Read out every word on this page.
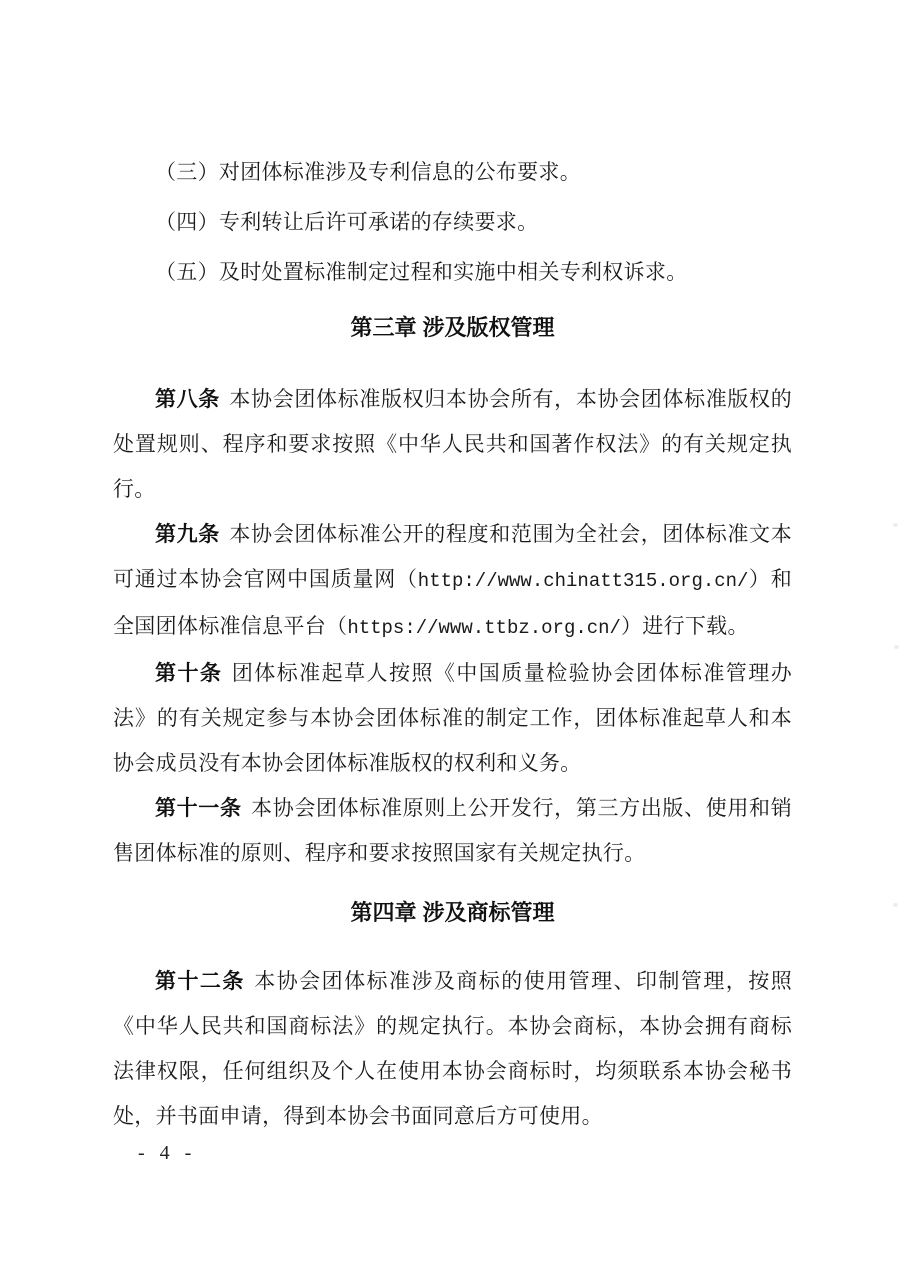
（三）对团体标准涉及专利信息的公布要求。

（四）专利转让后许可承诺的存续要求。

（五）及时处置标准制定过程和实施中相关专利权诉求。

第三章 涉及版权管理

第八条 本协会团体标准版权归本协会所有，本协会团体标准版权的处置规则、程序和要求按照《中华人民共和国著作权法》的有关规定执行。

第九条 本协会团体标准公开的程度和范围为全社会，团体标准文本可通过本协会官网中国质量网（http://www.chinatt315.org.cn/）和全国团体标准信息平台（https://www.ttbz.org.cn/）进行下载。

第十条 团体标准起草人按照《中国质量检验协会团体标准管理办法》的有关规定参与本协会团体标准的制定工作，团体标准起草人和本协会成员没有本协会团体标准版权的权利和义务。

第十一条 本协会团体标准原则上公开发行，第三方出版、使用和销售团体标准的原则、程序和要求按照国家有关规定执行。

第四章 涉及商标管理

第十二条 本协会团体标准涉及商标的使用管理、印制管理，按照《中华人民共和国商标法》的规定执行。本协会商标，本协会拥有商标法律权限，任何组织及个人在使用本协会商标时，均须联系本协会秘书处，并书面申请，得到本协会书面同意后方可使用。

- 4 -
